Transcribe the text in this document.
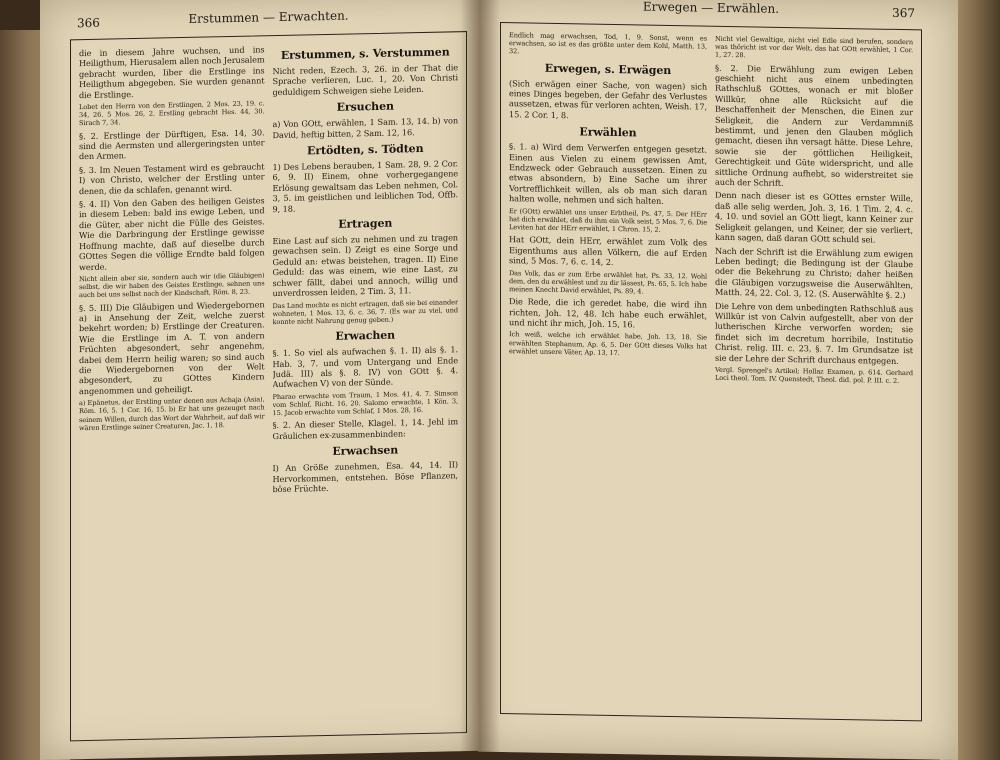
366	Erstummen — Erwachten.

die in diesem Jahre wuchsen, und ins Heiligthum, Hierusalem allen noch Jerusalem gebracht wurden, Iiber die Erstlinge ins Heiligthum abgegeben. Sie wurden genannt die Erstlinge.

Lobet den Herrn von den Erstlingen, 2 Mos. 23, 19. c. 34, 26. 5 Mos. 26, 2. Erstling gebracht Hes. 44, 30. Sirach 7, 34.

§. 2. Erstlinge der Dürftigen, Esa. 14, 30. sind die Aermsten und allergeringsten unter den Armen.

§. 3. Im Neuen Testament wird es gebraucht I) von Christo, welcher der Erstling unter denen, die da schlafen, genannt wird.

§. 4. II) Von den Gaben des heiligen Geistes in diesem Leben: bald ins ewige Leben, und die Güter, aber nicht die Fülle des Geistes. Wie die Darbringung der Erstlinge gewisse Hoffnung machte, daß auf dieselbe durch GOttes Segen die völlige Erndte bald folgen werde.

Nicht allein aber sie, sondern auch wir (die Gläubigen) selbst, die wir haben des Geistes Erstlinge, sehnen uns auch bei uns selbst nach der Kindschaft, Röm. 8, 23.

§. 5. III) Die Gläubigen und Wiedergebornen a) in Ansehung der Zeit, welche zuerst bekehrt worden; b) Erstlinge der Creaturen. Wie die Erstlinge im A. T. von andern Früchten abgesondert, sehr angenehm, dabei dem Herrn heilig waren; so sind auch die Wiedergebornen von der Welt abgesondert, zu GOttes Kindern angenommen und geheiligt.

a) Epänetus, der Erstling unter denen aus Achaja (Asia), Röm. 16, 5. 1 Cor. 16, 15. b) Er hat uns gezeuget nach seinem Willen, durch das Wort der Wahrheit, auf daß wir wären Erstlinge seiner Creaturen, Jac. 1, 18.

Erstummen, s. Verstummen

Nicht reden, Ezech. 3, 26. in der That die Sprache verlieren, Luc. 1, 20. Von Christi geduldigem Schweigen siehe Leiden.

Ersuchen

a) Von GOtt, erwählen, 1 Sam. 13, 14. b) von David, heftig bitten, 2 Sam. 12, 16.

Ertödten, s. Tödten

1) Des Lebens berauben, 1 Sam. 28, 9. 2 Cor. 6, 9. II) Einem, ohne vorhergegangene Erlösung gewaltsam das Leben nehmen, Col. 3, 5. im geistlichen und leiblichen Tod, Offb. 9, 18.

Ertragen

Eine Last auf sich zu nehmen und zu tragen gewachsen sein. I) Zeigt es eine Sorge und Geduld an: etwas beistehen, tragen. II) Eine Geduld: das was einem, wie eine Last, zu schwer fällt, dabei und annoch, willig und unverdrossen leiden, 2 Tim. 3, 11.

Das Land mochte es nicht ertragen, daß sie bei einander wohneten, 1 Mos. 13, 6. c. 36, 7. (Es war zu viel, und konnte nicht Nahrung genug geben.)

Erwachen

§. 1. So viel als aufwachen §. 1. II) als §. 1. Hab. 3, 7. und vom Untergang und Ende Judä. III) als §. 8. IV) von GOtt §. 4. Aufwachen V) von der Sünde.

Pharao erwachte vom Traum, 1 Mos. 41, 4. 7. Simson vom Schlaf, Richt. 16, 20. Salomo erwachte, 1 Kön. 3, 15. Jacob erwachte vom Schlaf, 1 Mos. 28, 16.

§. 2. An dieser Stelle, Klagel. 1, 14. Jehl im Gräulichen ex-zusammenbinden:

Erwachsen

I) An Größe zunehmen, Esa. 44, 14. II) Hervorkommen, entstehen. Böse Pflanzen, böse Früchte.

367
Erwegen — Erwählen.

Endlich mag erwachsen, Tod, 1, 9. Sonst, wenn es erwachsen, so ist es das größte unter dem Kohl, Matth. 13, 32.

Erwegen, s. Erwägen

(Sich erwägen einer Sache, von wagen) sich eines Dinges begeben, der Gefahr des Verlustes aussetzen, etwas für verloren achten, Weish. 17, 15. 2 Cor. 1, 8.

Erwählen

§. 1. a) Wird dem Verwerfen entgegen gesetzt. Einen aus Vielen zu einem gewissen Amt, Endzweck oder Gebrauch aussetzen. Einen zu etwas absondern, b) Eine Sache um ihrer Vortrefflichkeit willen, als ob man sich daran halten wolle, nehmen und sich halten.

Er (GOtt) erwählet uns unser Erbtheil, Ps. 47, 5. Der HErr hat dich erwählet, daß du ihm ein Volk seist, 5 Mos. 7, 6. Die Leviten hat der HErr erwählet, 1 Chron. 15, 2.

Hat GOtt, dein HErr, erwählet zum Volk des Eigenthums aus allen Völkern, die auf Erden sind, 5 Mos. 7, 6. c. 14, 2.

Das Volk, das er zum Erbe erwählet hat, Ps. 33, 12. Wohl dem, den du erwählest und zu dir lässest, Ps. 65, 5. Ich habe meinen Knecht David erwählet, Ps. 89, 4.

Die Rede, die ich geredet habe, die wird ihn richten, Joh. 12, 48. Ich habe euch erwählet, und nicht ihr mich, Joh. 15, 16.

Ich weiß, welche ich erwählet habe, Joh. 13, 18. Sie erwählten Stephanum, Ap. 6, 5. Der GOtt dieses Volks hat erwählet unsere Väter, Ap. 13, 17.

Nicht viel Gewaltige, nicht viel Edle sind berufen, sondern was thöricht ist vor der Welt, das hat GOtt erwählet, 1 Cor. 1, 27. 28.

§. 2. Die Erwählung zum ewigen Leben geschieht nicht aus einem unbedingten Rathschluß GOttes, wonach er mit bloßer Willkür, ohne alle Rücksicht auf die Beschaffenheit der Menschen, die Einen zur Seligkeit, die Andern zur Verdammniß bestimmt, und jenen den Glauben möglich gemacht, diesen ihn versagt hätte. Diese Lehre, sowie sie der göttlichen Heiligkeit, Gerechtigkeit und Güte widerspricht, und alle sittliche Ordnung aufhebt, so widerstreitet sie auch der Schrift.

Denn nach dieser ist es GOttes ernster Wille, daß alle selig werden, Joh. 3, 16. 1 Tim. 2, 4. c. 4, 10. und soviel an GOtt liegt, kann Keiner zur Seligkeit gelangen, und Keiner, der sie verliert, kann sagen, daß daran GOtt schuld sei.

Nach der Schrift ist die Erwählung zum ewigen Leben bedingt; die Bedingung ist der Glaube oder die Bekehrung zu Christo; daher heißen die Gläubigen vorzugsweise die Auserwählten, Matth. 24, 22. Col. 3, 12. (S. Auserwählte §. 2.)

Die Lehre von dem unbedingten Rathschluß aus Willkür ist von Calvin aufgestellt, aber von der lutherischen Kirche verworfen worden; sie findet sich im decretum horribile, Institutio Christ. relig. III. c. 23, §. 7. Im Grundsatze ist sie der Lehre der Schrift durchaus entgegen.

Vergl. Sprengel's Artikel; Hollaz Examen, p. 614. Gerhard Loci theol. Tom. IV. Quenstedt, Theol. did. pol. P. III. c. 2.
